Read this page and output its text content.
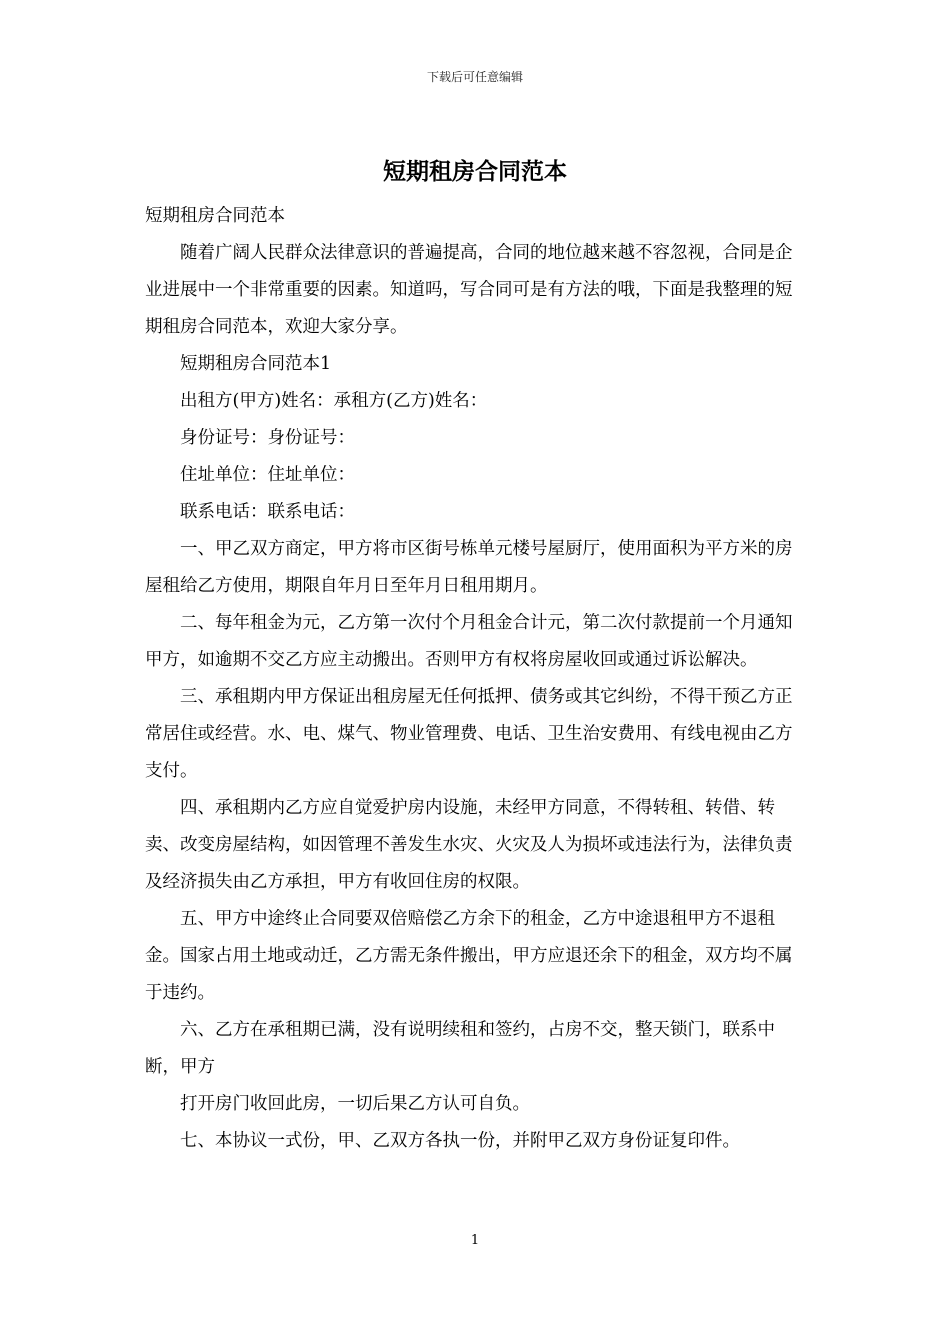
下载后可任意编辑
短期租房合同范本

短期租房合同范本

随着广阔人民群众法律意识的普遍提高，合同的地位越来越不容忽视，合同是企业进展中一个非常重要的因素。知道吗，写合同可是有方法的哦，下面是我整理的短期租房合同范本，欢迎大家分享。

短期租房合同范本1

出租方(甲方)姓名：承租方(乙方)姓名：

身份证号：身份证号：

住址单位：住址单位：

联系电话：联系电话：

一、甲乙双方商定，甲方将市区街号栋单元楼号屋厨厅，使用面积为平方米的房屋租给乙方使用，期限自年月日至年月日租用期月。

二、每年租金为元，乙方第一次付个月租金合计元，第二次付款提前一个月通知甲方，如逾期不交乙方应主动搬出。否则甲方有权将房屋收回或通过诉讼解决。

三、承租期内甲方保证出租房屋无任何抵押、债务或其它纠纷，不得干预乙方正常居住或经营。水、电、煤气、物业管理费、电话、卫生治安费用、有线电视由乙方支付。

四、承租期内乙方应自觉爱护房内设施，未经甲方同意，不得转租、转借、转卖、改变房屋结构，如因管理不善发生水灾、火灾及人为损坏或违法行为，法律负责及经济损失由乙方承担，甲方有收回住房的权限。

五、甲方中途终止合同要双倍赔偿乙方余下的租金，乙方中途退租甲方不退租金。国家占用土地或动迁，乙方需无条件搬出，甲方应退还余下的租金，双方均不属于违约。

六、乙方在承租期已满，没有说明续租和签约，占房不交，整天锁门，联系中断，甲方

打开房门收回此房，一切后果乙方认可自负。

七、本协议一式份，甲、乙双方各执一份，并附甲乙双方身份证复印件。

1
